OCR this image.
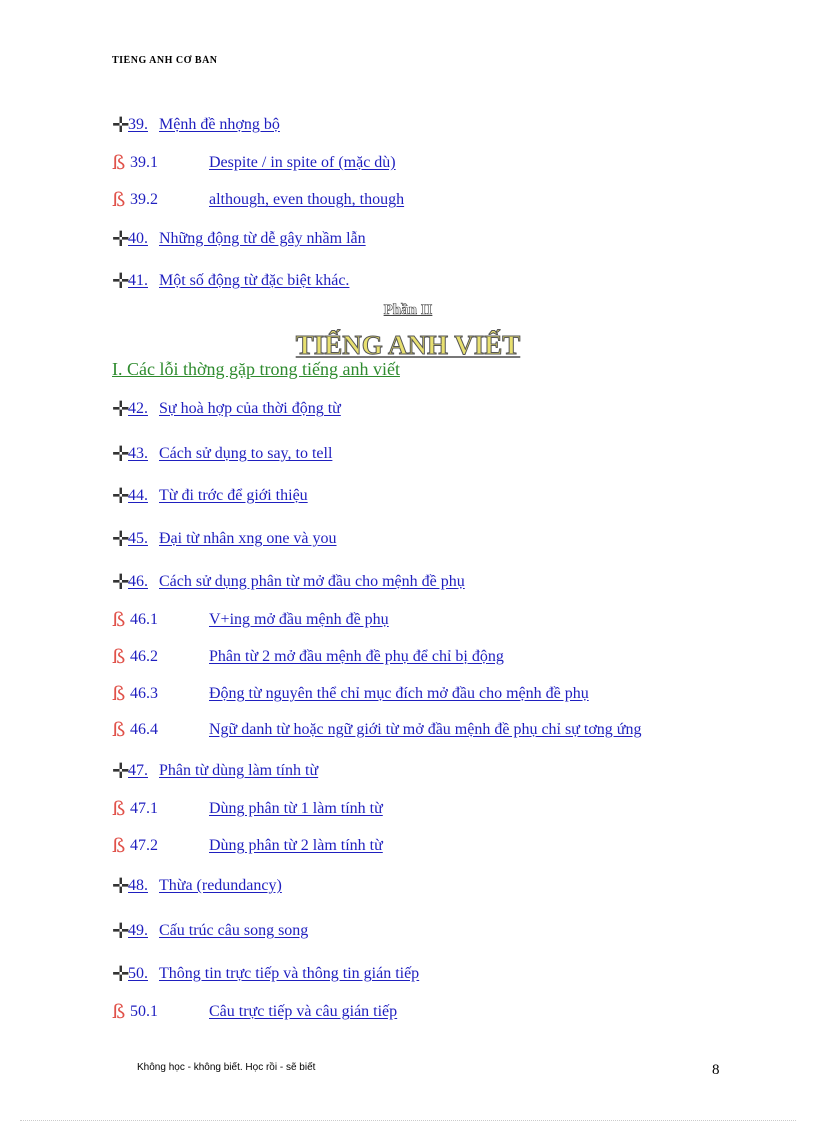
TIẾNG ANH CƠ BẢN
✛
39. Mệnh đề nhợng bộ
ß 39.1	Despite / in spite of (mặc dù)
ß 39.2	although, even though, though
✛
40. Những động từ dễ gây nhầm lẫn
✛
41. Một số động từ đặc biệt khác.
Phần II
TIẾNG ANH VIẾT
I. Các lỗi thờng gặp trong tiếng anh viết
✛
42. Sự hoà hợp của thời động từ
✛
43. Cách sử dụng to say, to tell
✛
44. Từ đi trớc để giới thiệu
✛
45. Đại từ nhân xng one và you
✛
46. Cách sử dụng phân từ mở đầu cho mệnh đề phụ
ß 46.1	V+ing mở đầu mệnh đề phụ
ß 46.2	Phân từ 2 mở đầu mệnh đề phụ để chỉ bị động
ß 46.3	Động từ nguyên thể chỉ mục đích mở đầu cho mệnh đề phụ
ß 46.4	Ngữ danh từ hoặc ngữ giới từ mở đầu mệnh đề phụ chỉ sự tơng ứng
✛
47. Phân từ dùng làm tính từ
ß 47.1	Dùng phân từ 1 làm tính từ
ß 47.2	Dùng phân từ 2 làm tính từ
✛
48. Thừa (redundancy)
✛
49. Cấu trúc câu song song
✛
50. Thông tin trực tiếp và thông tin gián tiếp
ß 50.1	Câu trực tiếp và câu gián tiếp
Không học - không biết. Học rồi - sẽ biết	8
